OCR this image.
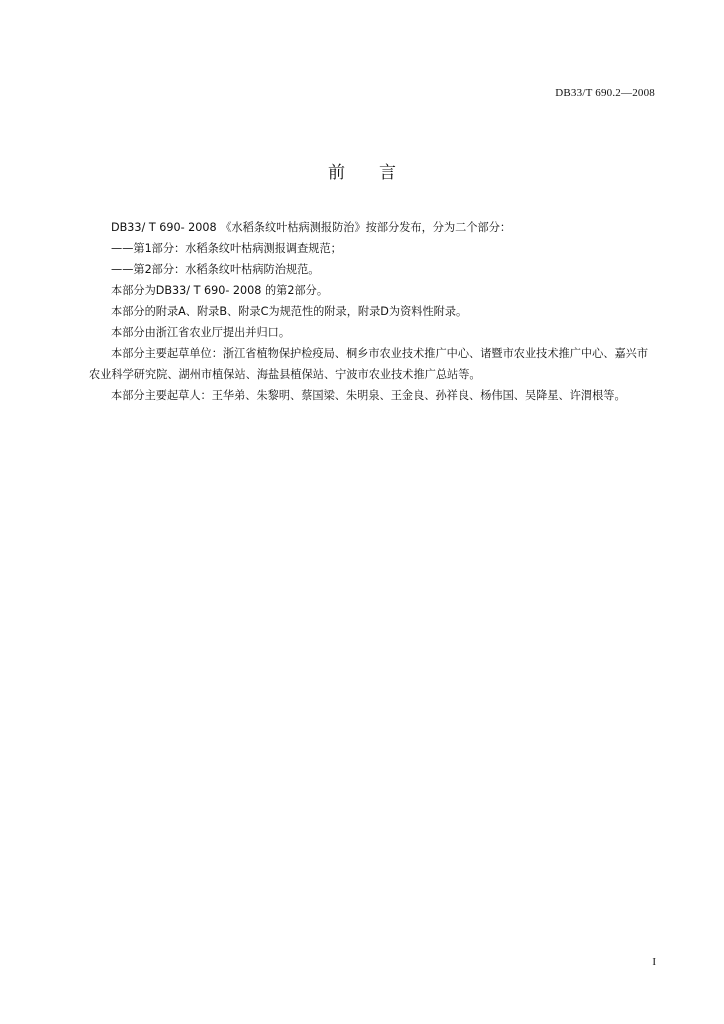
DB33/T 690.2—2008
前 言

DB33/ T 690- 2008 《水稻条纹叶枯病测报防治》按部分发布，分为二个部分：

——第1部分：水稻条纹叶枯病测报调查规范；

——第2部分：水稻条纹叶枯病防治规范。

本部分为DB33/ T 690- 2008 的第2部分。

本部分的附录A、附录B、附录C为规范性的附录，附录D为资料性附录。

本部分由浙江省农业厅提出并归口。

本部分主要起草单位：浙江省植物保护检疫局、桐乡市农业技术推广中心、诸暨市农业技术推广中心、嘉兴市农业科学研究院、湖州市植保站、海盐县植保站、宁波市农业技术推广总站等。

本部分主要起草人：王华弟、朱黎明、蔡国梁、朱明泉、王金良、孙祥良、杨伟国、吴降星、许渭根等。

I
